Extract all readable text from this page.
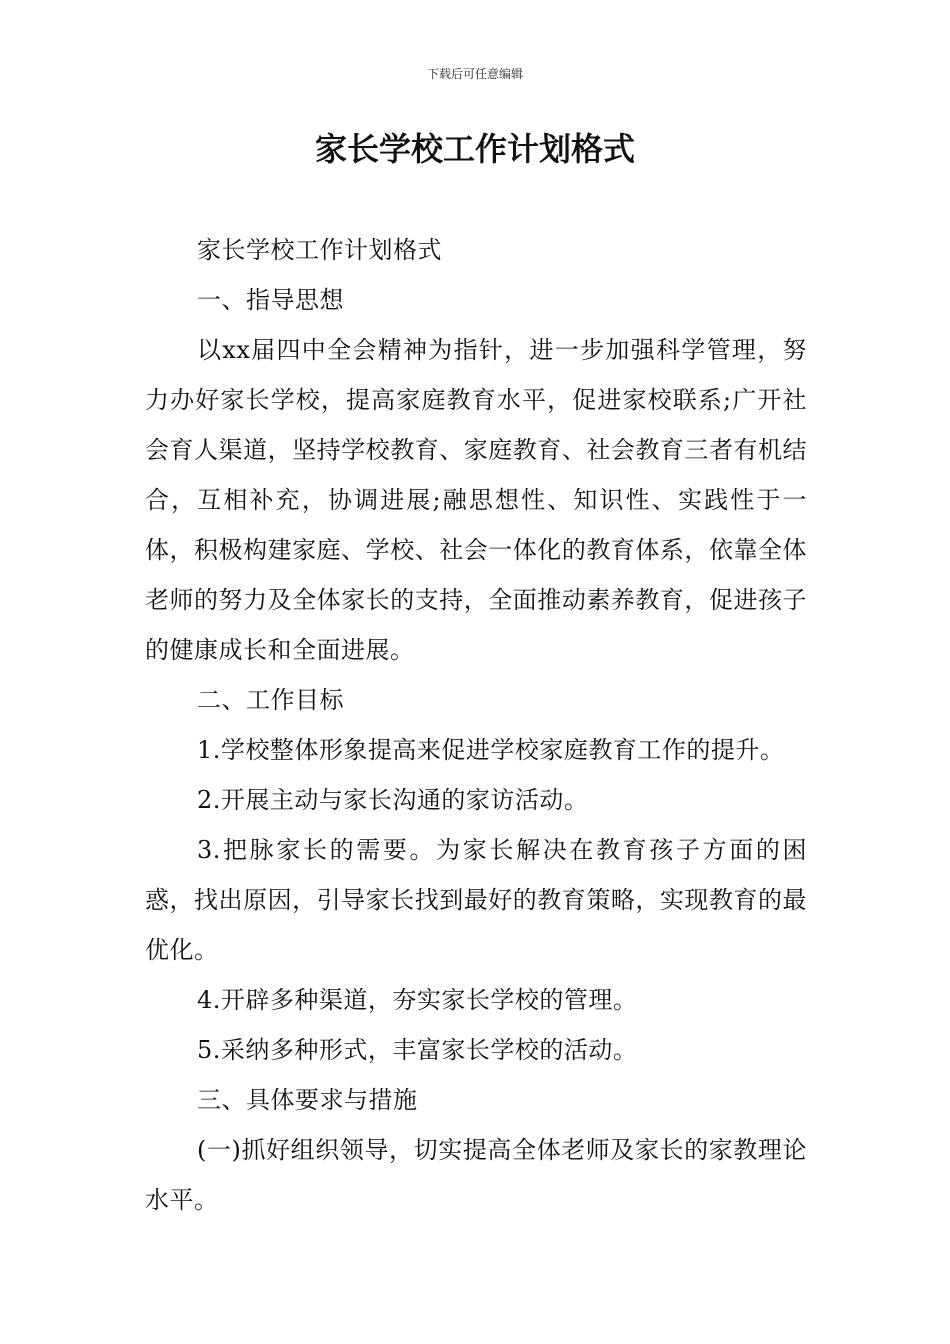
下载后可任意编辑
家长学校工作计划格式

家长学校工作计划格式

一、指导思想

以xx届四中全会精神为指针，进一步加强科学管理，努力办好家长学校，提高家庭教育水平，促进家校联系;广开社会育人渠道，坚持学校教育、家庭教育、社会教育三者有机结合，互相补充，协调进展;融思想性、知识性、实践性于一体，积极构建家庭、学校、社会一体化的教育体系，依靠全体老师的努力及全体家长的支持，全面推动素养教育，促进孩子的健康成长和全面进展。

二、工作目标

1.学校整体形象提高来促进学校家庭教育工作的提升。

2.开展主动与家长沟通的家访活动。

3.把脉家长的需要。为家长解决在教育孩子方面的困惑，找出原因，引导家长找到最好的教育策略，实现教育的最优化。

4.开辟多种渠道，夯实家长学校的管理。

5.采纳多种形式，丰富家长学校的活动。

三、具体要求与措施

(一)抓好组织领导，切实提高全体老师及家长的家教理论水平。
